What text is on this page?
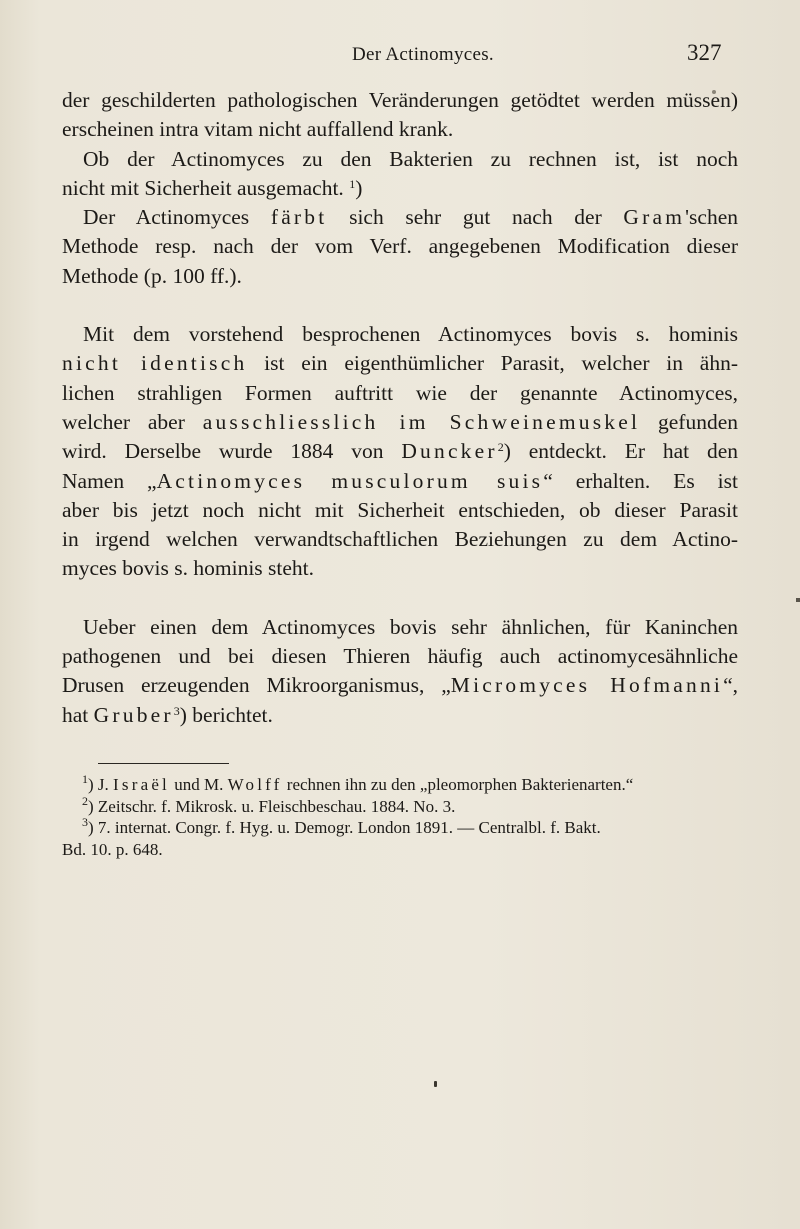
Der Actinomyces.	327
der geschilderten pathologischen Veränderungen getödtet werden müssen)
erscheinen intra vitam nicht auffallend krank.
Ob der Actinomyces zu den Bakterien zu rechnen ist, ist noch
nicht mit Sicherheit ausgemacht. $^1$)
Der Actinomyces färbt sich sehr gut nach der Gram'schen
Methode resp. nach der vom Verf. angegebenen Modification dieser
Methode (p. 100 ff.).
Mit dem vorstehend besprochenen Actinomyces bovis s. hominis
nicht identisch ist ein eigenthümlicher Parasit, welcher in ähn-
lichen strahligen Formen auftritt wie der genannte Actinomyces,
welcher aber ausschliesslich im Schweinemuskel gefunden
wird. Derselbe wurde 1884 von Duncker$^2$) entdeckt. Er hat den
Namen „Actinomyces musculorum suis“ erhalten. Es ist
aber bis jetzt noch nicht mit Sicherheit entschieden, ob dieser Parasit
in irgend welchen verwandtschaftlichen Beziehungen zu dem Actino-
myces bovis s. hominis steht.
Ueber einen dem Actinomyces bovis sehr ähnlichen, für Kaninchen
pathogenen und bei diesen Thieren häufig auch actinomycesähnliche
Drusen erzeugenden Mikroorganismus, „Micromyces Hofmanni“,
hat Gruber$^3$) berichtet.
$^1$) J. Israël und M. Wolff rechnen ihn zu den „pleomorphen Bakterienarten.“
$^2$) Zeitschr. f. Mikrosk. u. Fleischbeschau. 1884. No. 3.
$^3$) 7. internat. Congr. f. Hyg. u. Demogr. London 1891. — Centralbl. f. Bakt.
Bd. 10. p. 648.
